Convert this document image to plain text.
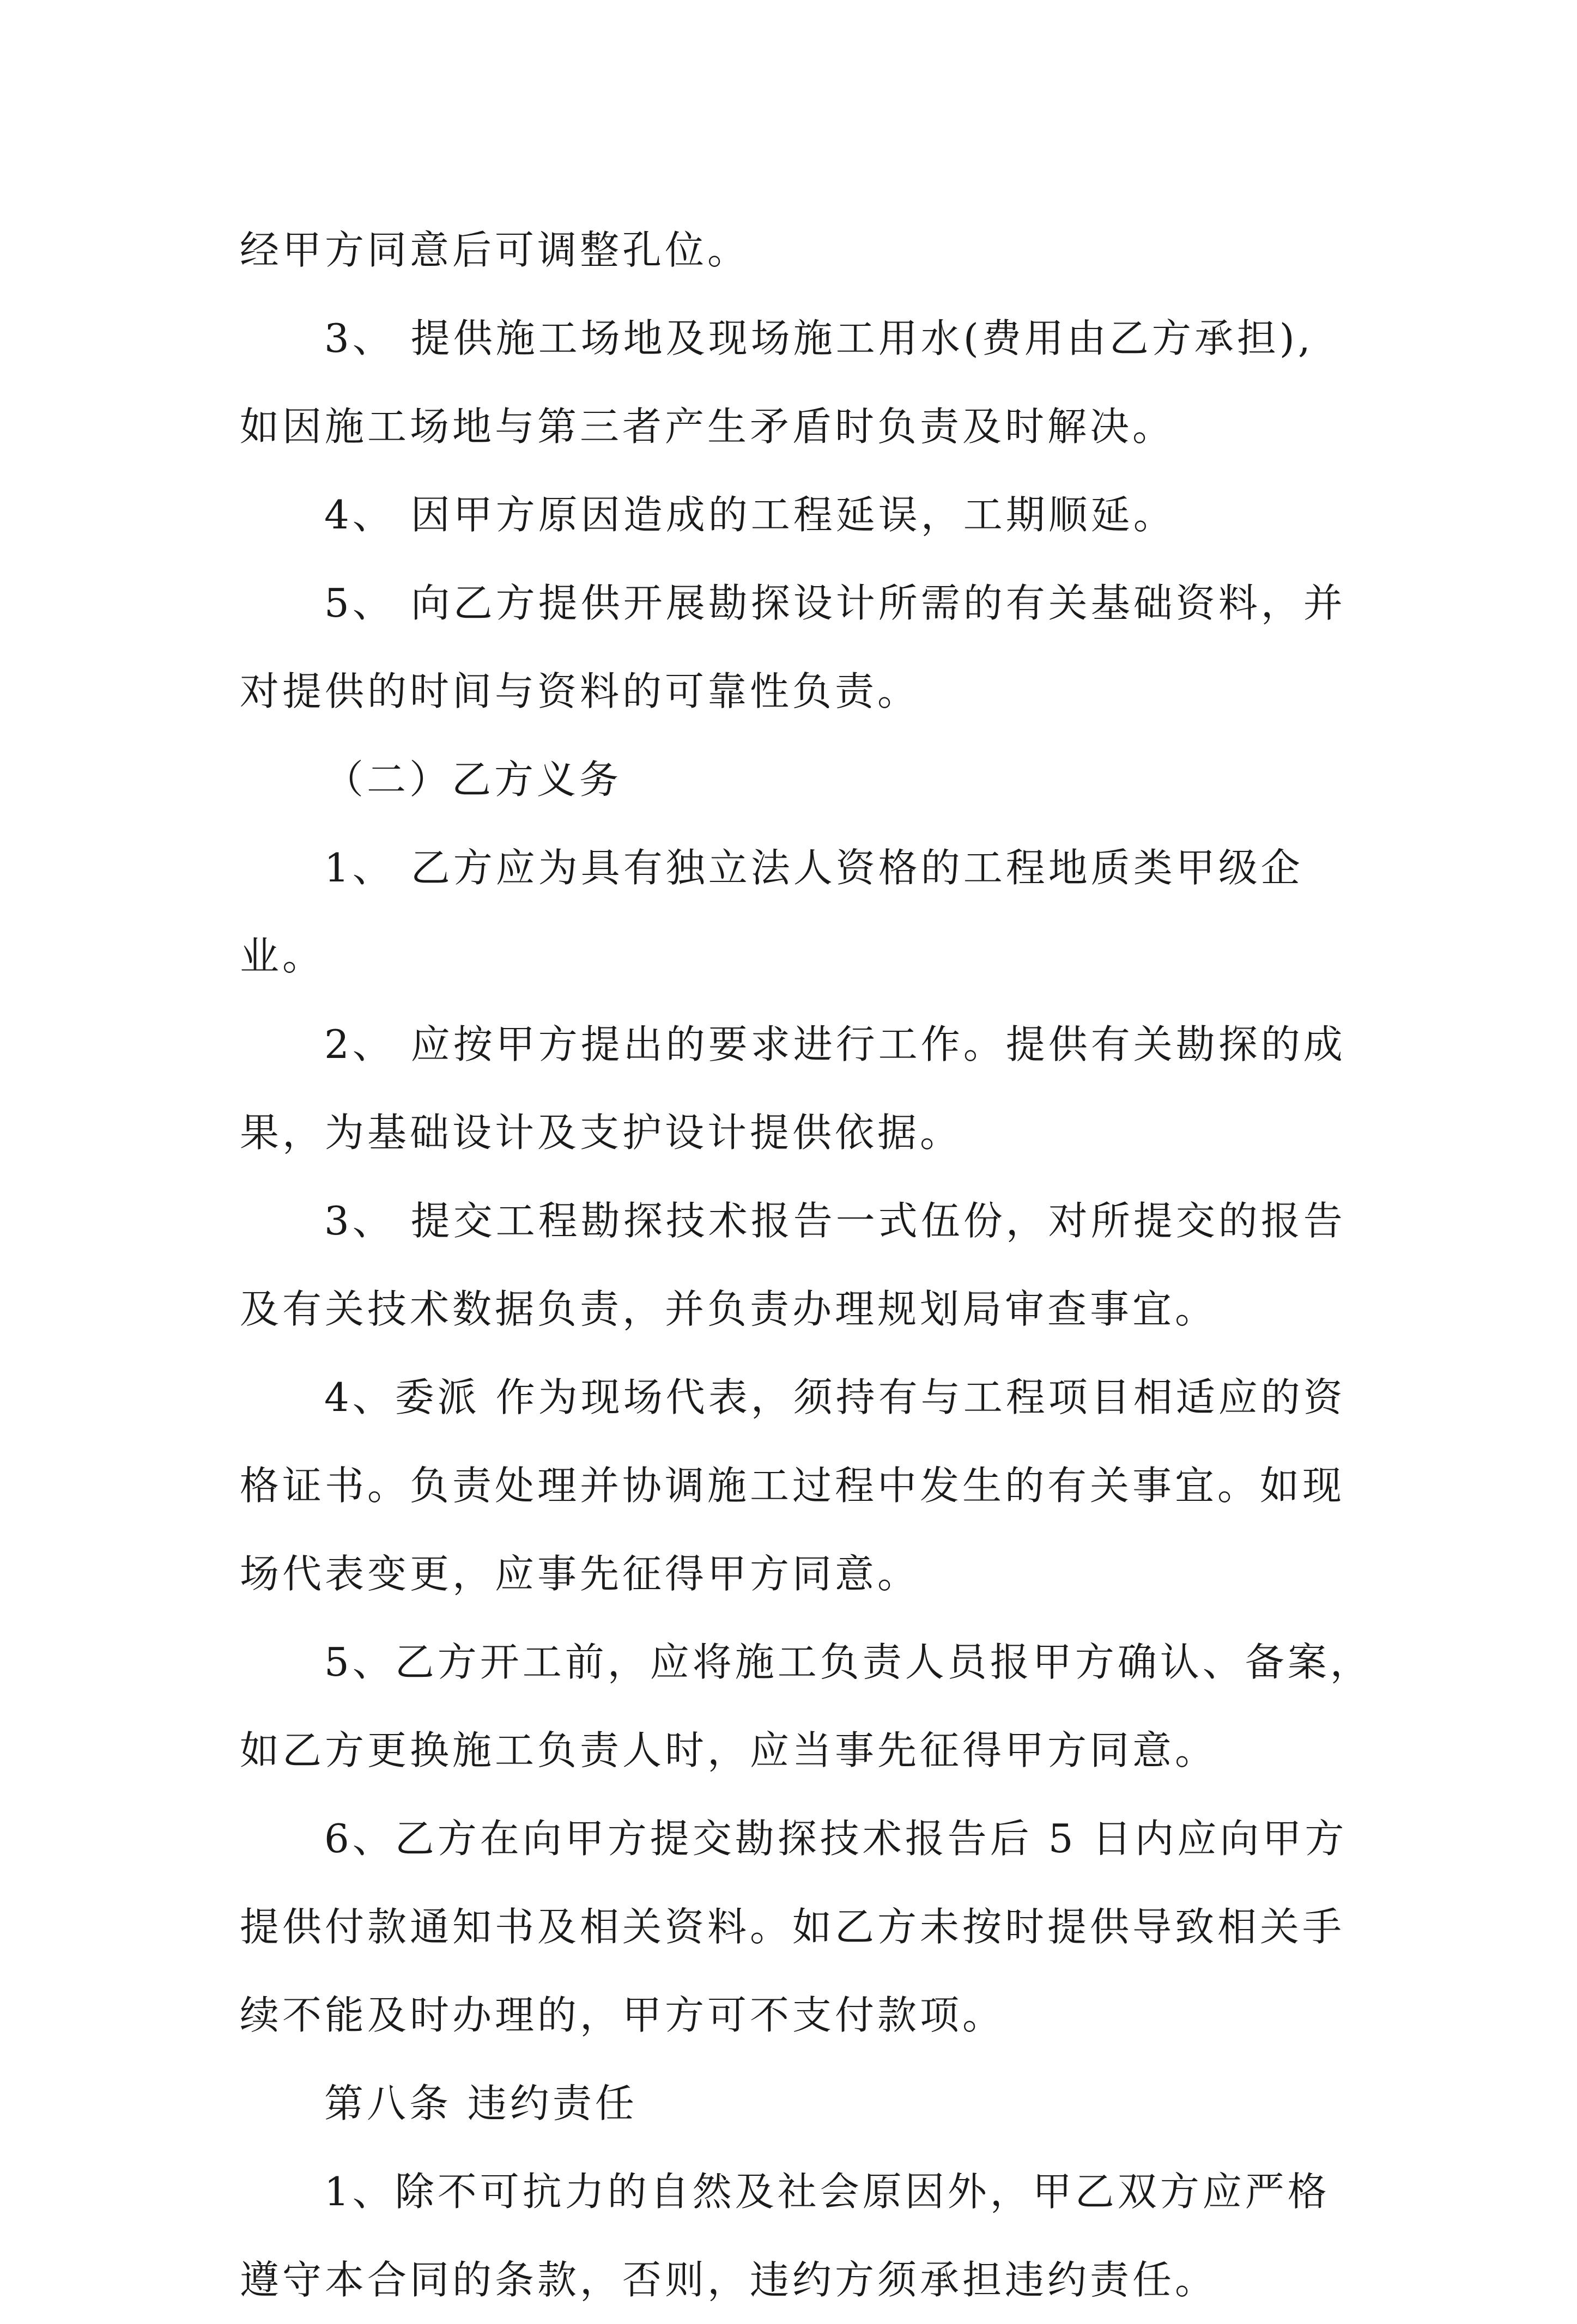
经甲方同意后可调整孔位。
3、 提供施工场地及现场施工用水(费用由乙方承担),
如因施工场地与第三者产生矛盾时负责及时解决。
4、 因甲方原因造成的工程延误，工期顺延。
5、 向乙方提供开展勘探设计所需的有关基础资料，并
对提供的时间与资料的可靠性负责。
（二）乙方义务
1、 乙方应为具有独立法人资格的工程地质类甲级企
业。
2、 应按甲方提出的要求进行工作。提供有关勘探的成
果，为基础设计及支护设计提供依据。
3、 提交工程勘探技术报告一式伍份，对所提交的报告
及有关技术数据负责，并负责办理规划局审查事宜。
4、委派 作为现场代表，须持有与工程项目相适应的资
格证书。负责处理并协调施工过程中发生的有关事宜。如现
场代表变更，应事先征得甲方同意。
5、乙方开工前，应将施工负责人员报甲方确认、备案，
如乙方更换施工负责人时，应当事先征得甲方同意。
6、乙方在向甲方提交勘探技术报告后 5 日内应向甲方
提供付款通知书及相关资料。如乙方未按时提供导致相关手
续不能及时办理的，甲方可不支付款项。
第八条 违约责任
1、除不可抗力的自然及社会原因外，甲乙双方应严格
遵守本合同的条款，否则，违约方须承担违约责任。
